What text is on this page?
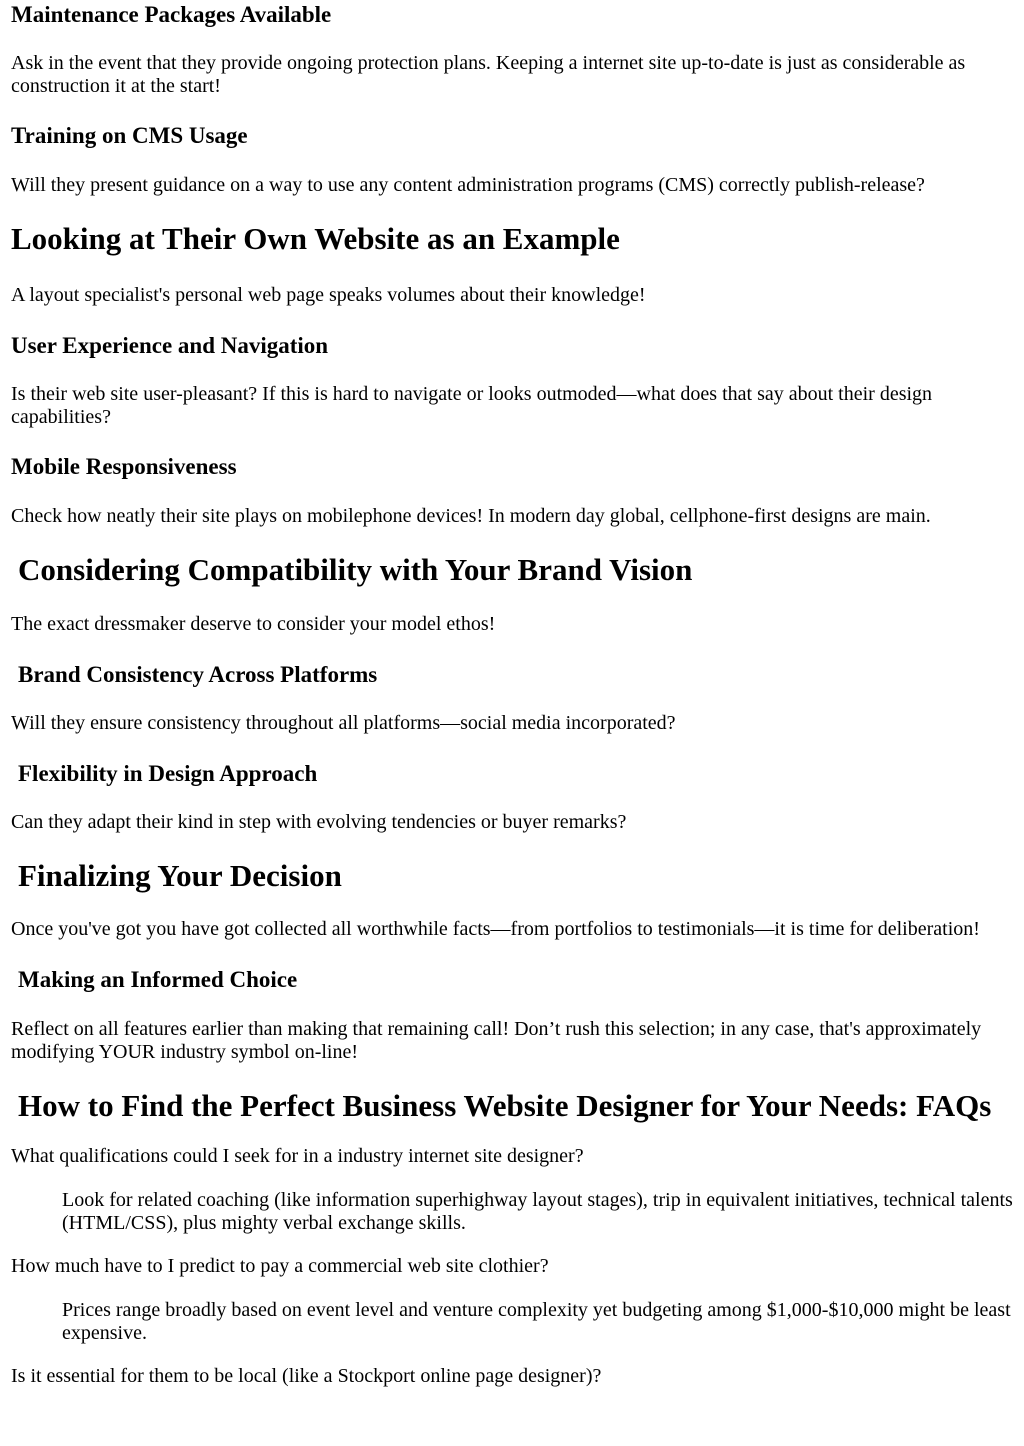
Maintenance Packages Available

Ask in the event that they provide ongoing protection plans. Keeping a internet site up-to-date is just as considerable as construction it at the start!

Training on CMS Usage

Will they present guidance on a way to use any content administration programs (CMS) correctly publish-release?

Looking at Their Own Website as an Example

A layout specialist's personal web page speaks volumes about their knowledge!

User Experience and Navigation

Is their web site user-pleasant? If this is hard to navigate or looks outmoded—what does that say about their design capabilities?

Mobile Responsiveness

Check how neatly their site plays on mobilephone devices! In modern day global, cellphone-first designs are main.

Considering Compatibility with Your Brand Vision

The exact dressmaker deserve to consider your model ethos!

Brand Consistency Across Platforms

Will they ensure consistency throughout all platforms—social media incorporated?

Flexibility in Design Approach

Can they adapt their kind in step with evolving tendencies or buyer remarks?

Finalizing Your Decision

Once you've got you have got collected all worthwhile facts—from portfolios to testimonials—it is time for deliberation!

Making an Informed Choice

Reflect on all features earlier than making that remaining call! Don’t rush this selection; in any case, that's approximately modifying YOUR industry symbol on-line!

How to Find the Perfect Business Website Designer for Your Needs: FAQs
What qualifications could I seek for in a industry internet site designer?
Look for related coaching (like information superhighway layout stages), trip in equivalent initiatives, technical talents (HTML/CSS), plus mighty verbal exchange skills.
How much have to I predict to pay a commercial web site clothier?
Prices range broadly based on event level and venture complexity yet budgeting among $1,000-$10,000 might be least expensive.
Is it essential for them to be local (like a Stockport online page designer)?
